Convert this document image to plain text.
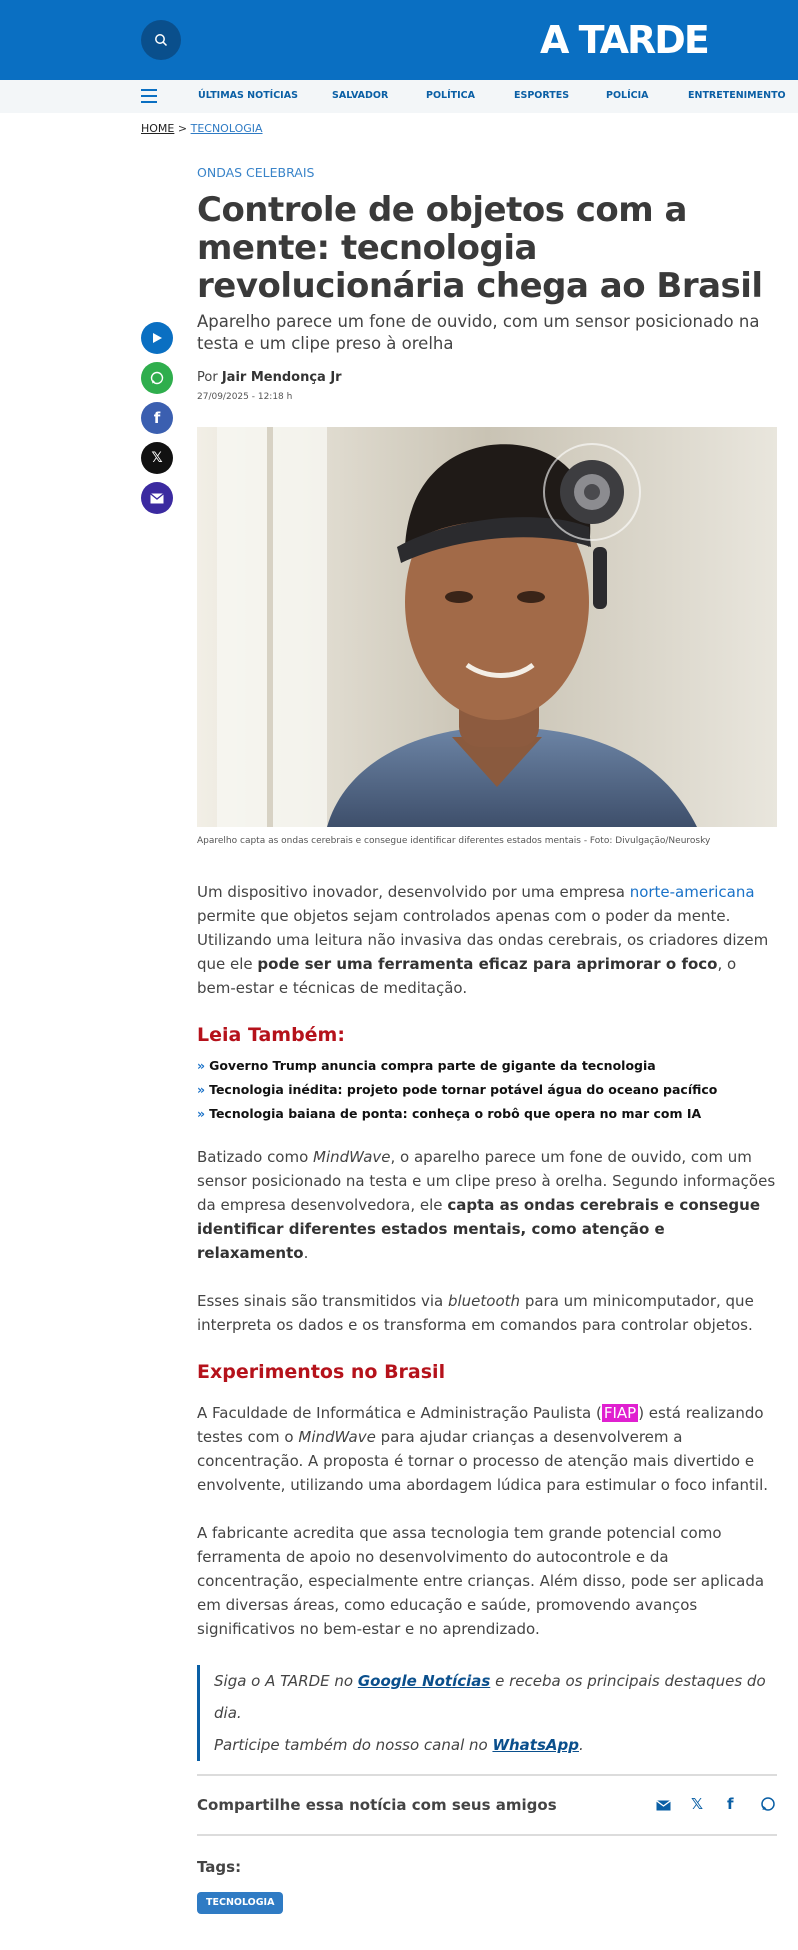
A TARDE
ÚLTIMAS NOTÍCIAS	SALVADOR	POLÍTICA	ESPORTES	POLÍCIA	ENTRETENIMENTO
HOME > TECNOLOGIA
f
𝕏
ONDAS CELEBRAIS
Controle de objetos com a mente: tecnologia revolucionária chega ao Brasil
Aparelho parece um fone de ouvido, com um sensor posicionado na testa e um clipe preso à orelha
Por Jair Mendonça Jr
27/09/2025 - 12:18 h
Aparelho capta as ondas cerebrais e consegue identificar diferentes estados mentais - Foto: Divulgação/Neurosky

Um dispositivo inovador, desenvolvido por uma empresa norte-americana permite que objetos sejam controlados apenas com o poder da mente. Utilizando uma leitura não invasiva das ondas cerebrais, os criadores dizem que ele pode ser uma ferramenta eficaz para aprimorar o foco, o bem-estar e técnicas de meditação.

Leia Também:
» Governo Trump anuncia compra parte de gigante da tecnologia
» Tecnologia inédita: projeto pode tornar potável água do oceano pacífico
» Tecnologia baiana de ponta: conheça o robô que opera no mar com IA

Batizado como MindWave, o aparelho parece um fone de ouvido, com um sensor posicionado na testa e um clipe preso à orelha. Segundo informações da empresa desenvolvedora, ele capta as ondas cerebrais e consegue identificar diferentes estados mentais, como atenção e relaxamento.

Esses sinais são transmitidos via bluetooth para um minicomputador, que interpreta os dados e os transforma em comandos para controlar objetos.

Experimentos no Brasil

A Faculdade de Informática e Administração Paulista ( FIAP ) está realizando testes com o MindWave para ajudar crianças a desenvolverem a concentração. A proposta é tornar o processo de atenção mais divertido e envolvente, utilizando uma abordagem lúdica para estimular o foco infantil.

A fabricante acredita que assa tecnologia tem grande potencial como ferramenta de apoio no desenvolvimento do autocontrole e da concentração, especialmente entre crianças. Além disso, pode ser aplicada em diversas áreas, como educação e saúde, promovendo avanços significativos no bem-estar e no aprendizado.

Siga o A TARDE no Google Notícias e receba os principais destaques do dia.
Participe também do nosso canal no WhatsApp.
Compartilhe essa notícia com seus amigos	𝕏 f
Tags:
TECNOLOGIA
